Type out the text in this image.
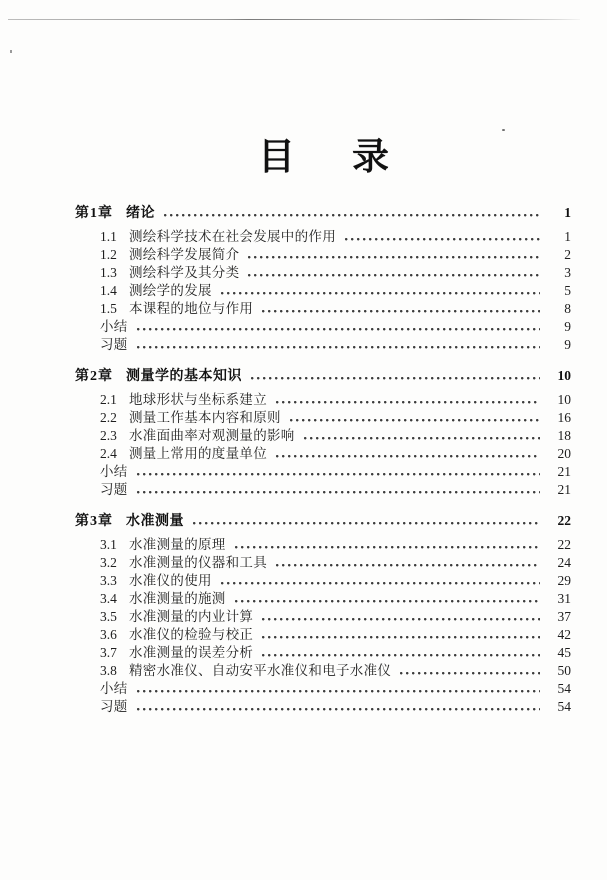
目 录
第1章 绪论	1
1.1 测绘科学技术在社会发展中的作用	1
1.2 测绘科学发展简介	2
1.3 测绘科学及其分类	3
1.4 测绘学的发展	5
1.5 本课程的地位与作用	8
小结	9
习题	9
第2章 测量学的基本知识	10
2.1 地球形状与坐标系建立	10
2.2 测量工作基本内容和原则	16
2.3 水准面曲率对观测量的影响	18
2.4 测量上常用的度量单位	20
小结	21
习题	21
第3章 水准测量	22
3.1 水准测量的原理	22
3.2 水准测量的仪器和工具	24
3.3 水准仪的使用	29
3.4 水准测量的施测	31
3.5 水准测量的内业计算	37
3.6 水准仪的检验与校正	42
3.7 水准测量的误差分析	45
3.8 精密水准仪、自动安平水准仪和电子水准仪	50
小结	54
习题	54
